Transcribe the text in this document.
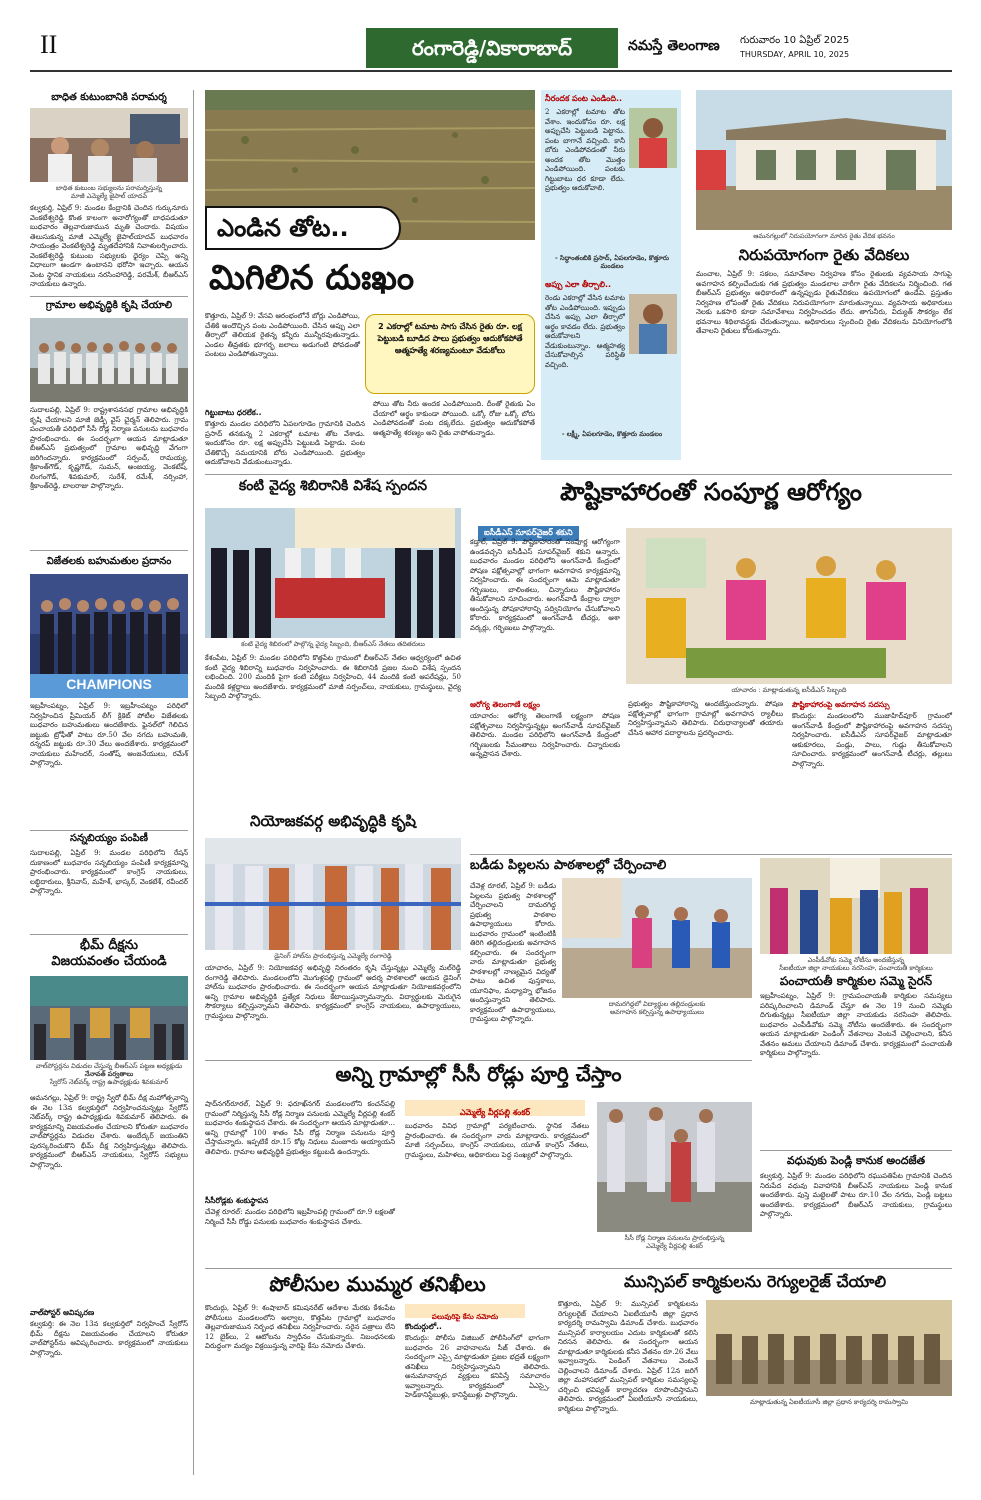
II	రంగారెడ్డి/వికారాబాద్	నమస్తే తెలంగాణ గురువారం 10 ఏప్రిల్ 2025
THURSDAY, APRIL 10, 2025
బాధిత కుటుంబానికి పరామర్శ
బాధిత కుటుంబ సభ్యులను పరామర్శిస్తున్న
మాజీ ఎమ్మెల్యే జైపాల్ యాదవ్
కల్వకుర్తి, ఏప్రిల్ 9: మండల కేంద్రానికి చెందిన గుర్కునూరు వెంకటేశ్వరెడ్డి కొంత కాలంగా అనారోగ్యంతో బాధపడుతూ బుధవారం తెల్లవారుజామున మృతి చెందారు. విషయం తెలుసుకున్న మాజీ ఎమ్మెల్యే జైపాల్‌యాదవ్ బుధవారం సాయంత్రం వెంకటేశ్వరెడ్డి మృతదేహానికి నివాళులర్పించారు. వెంకటేశ్వరెడ్డి కుటుంబ సభ్యులకు ధైర్యం చెప్పి అన్ని విధాలుగా అండగా ఉంటానని భరోసా ఇచ్చారు. ఆయన వెంట స్థానిక నాయకులు నరసింహారెడ్డి, పరమేశ్, బీఆర్‌ఎస్ నాయకులు ఉన్నారు.
గ్రామాల అభివృద్ధికి కృషి చేయాలి
సుదాలపల్లి, ఏప్రిల్ 9: రాష్ట్రశాసనసభ గ్రామాల అభివృద్ధికి కృషి చేయాలని మాజీ జెడ్పీ వైస్ చైర్మన్ తెలిపారు. గ్రామ పంచాయతీ పరిధిలో సీసీ రోడ్ల నిర్మాణ పనులను బుధవారం ప్రారంభించారు. ఈ సందర్భంగా ఆయన మాట్లాడుతూ బీఆర్‌ఎస్ ప్రభుత్వంలో గ్రామాల అభివృద్ధి వేగంగా జరిగిందన్నారు. కార్యక్రమంలో సర్పంచ్, రామయ్య, శ్రీకాంత్‌గౌడ్, కృష్ణగౌడ్, సుమన్, అంజయ్య, వెంకటేష్, లింగంగౌడ్, శివకుమార్, సురేశ్, రమేశ్, నర్సింహా, శ్రీకాంత్‌రెడ్డి, బాలరాజు పాల్గొన్నారు.
విజేతలకు బహుమతుల ప్రదానం
CHAMPIONS
ఇబ్రహీంపట్నం, ఏప్రిల్ 9: ఇబ్రహీంపట్నం పరిధిలో నిర్వహించిన ప్రీమియర్ లీగ్ క్రికెట్ పోటీల విజేతలకు బుధవారం బహుమతులు అందజేశారు. ఫైనల్‌లో గెలిచిన జట్టుకు ట్రోఫీతో పాటు రూ.50 వేల నగదు బహుమతి, రన్నరప్ జట్టుకు రూ.30 వేలు అందజేశారు. కార్యక్రమంలో నాయకులు మహేందర్, సంతోష్, ఆంజనేయులు, రమేశ్ పాల్గొన్నారు.
సన్నబియ్యం పంపిణీ
సుదాలపల్లి, ఏప్రిల్ 9: మండల పరిధిలోని రేషన్ దుకాణంలో బుధవారం సన్నబియ్యం పంపిణీ కార్యక్రమాన్ని ప్రారంభించారు. కార్యక్రమంలో కాంగ్రెస్ నాయకులు, లబ్ధిదారులు, శ్రీనివాస్, మహేశ్, భాస్కర్, వెంకటేశ్, రవీందర్ పాల్గొన్నారు.
భీమ్ దీక్షను
విజయవంతం చేయండి
వాల్‌పోస్టర్లను విడుదల చేస్తున్న బీఆర్‌ఎస్ పట్టణ అధ్యక్షుడు
నేనావత్ పర్వతాలు
స్వేరోస్ నెట్‌వర్క్ రాష్ట్ర ఉపాధ్యక్షుడు శివకుమార్
ఆమనగల్లు, ఏప్రిల్ 9: రాష్ట్ర స్వేరో భీమ్ దీక్ష మహోత్సవాన్ని ఈ నెల 13న కల్వకుర్తిలో నిర్వహించనున్నట్లు స్వేరోస్ నెట్‌వర్క్ రాష్ట్ర ఉపాధ్యక్షుడు శివకుమార్ తెలిపారు. ఈ కార్యక్రమాన్ని విజయవంతం చేయాలని కోరుతూ బుధవారం వాల్‌పోస్టర్లను విడుదల చేశారు. అంబేద్కర్ జయంతిని పురస్కరించుకొని భీమ్ దీక్ష నిర్వహిస్తున్నట్లు తెలిపారు. కార్యక్రమంలో బీఆర్‌ఎస్ నాయకులు, స్వేరోస్ సభ్యులు పాల్గొన్నారు.
వాల్‌పోస్టర్ ఆవిష్కరణ
కల్వకుర్తి: ఈ నెల 13న కల్వకుర్తిలో నిర్వహించే స్వేరోస్ భీమ్ దీక్షను విజయవంతం చేయాలని కోరుతూ వాల్‌పోస్టర్‌ను ఆవిష్కరించారు. కార్యక్రమంలో నాయకులు పాల్గొన్నారు.
ఎండిన తోట..
మిగిలిన దుఃఖం
కొత్తూరు, ఏప్రిల్ 9: వేసవి ఆరంభంలోనే బోర్లు ఎండిపోయి, చేతికి అందొచ్చిన పంట ఎండిపోయింది. చేసిన అప్పు ఎలా తీర్చాలో తెలియక రైతన్న కన్నీరు మున్నీరవుతున్నాడు. ఎండల తీవ్రతకు భూగర్భ జలాలు అడుగంటి పోవడంతో పంటలు ఎండిపోతున్నాయి.
2 ఎకరాల్లో టమాట సాగు చేసిన రైతు రూ. లక్ష పెట్టుబడి బూడిద పాలు ప్రభుత్వం ఆదుకోకపోతే ఆత్మహత్యే శరణ్యమంటూ వేడుకోలు
గిట్టుబాటు ధరలేక..
కొత్తూరు మండల పరిధిలోని ఏపలగూడెం గ్రామానికి చెందిన ప్రసాద్ తనకున్న 2 ఎకరాల్లో టమాట తోట వేశాడు. ఇందుకోసం రూ. లక్ష అప్పుచేసి పెట్టుబడి పెట్టాడు. పంట చేతికొచ్చే సమయానికి బోరు ఎండిపోయింది. ప్రభుత్వం ఆదుకోవాలని వేడుకుంటున్నాడు.
పోయి తోట నీరు అందక ఎండిపోయింది. దీంతో రైతుకు ఏం చేయాలో అర్థం కాకుండా పోయింది. ఒక్కో రోజు ఒక్కో బోరు ఎండిపోవడంతో పంట దక్కలేదు. ప్రభుత్వం ఆదుకోకపోతే ఆత్మహత్యే శరణ్యం అని రైతు వాపోతున్నాడు.
నీరందక పంట ఎండింది..
2 ఎకరాల్లో టమాట తోట వేశాం. ఇందుకోసం రూ. లక్ష అప్పుచేసి పెట్టుబడి పెట్టాను. పంట బాగానే వచ్చింది. కానీ బోరు ఎండిపోవడంతో నీరు అందక తోట మొత్తం ఎండిపోయింది. పంటకు గిట్టుబాటు ధర కూడా లేదు. ప్రభుత్వం ఆదుకోవాలి.
- సిద్ధాంతంబికి ప్రసాద్, ఏపలగూడెం, కొత్తూరు మండలం
అప్పు ఎలా తీర్చాలి..
రెండు ఎకరాల్లో వేసిన టమాట తోట ఎండిపోయింది. ఇప్పుడు చేసిన అప్పు ఎలా తీర్చాలో అర్థం కావడం లేదు. ప్రభుత్వం ఆదుకోవాలని వేడుకుంటున్నాం. ఆత్మహత్య చేసుకోవాల్సిన పరిస్థితి వచ్చింది.
- లక్ష్మీ, ఏపలగూడెం, కొత్తూరు మండలం
ఆమనగల్లులో నిరుపయోగంగా మారిన రైతు వేదిక భవనం
నిరుపయోగంగా రైతు వేదికలు
మంచాల, ఏప్రిల్ 9: సకలం, సమావేశాల నిర్వహణ కోసం రైతులకు వ్యవసాయ సాగుపై అవగాహన కల్పించేందుకు గత ప్రభుత్వం మండలాల వారీగా రైతు వేదికలను నిర్మించింది. గత బీఆర్‌ఎస్ ప్రభుత్వం అధికారంలో ఉన్నప్పుడు రైతువేదికలు ఉపయోగంలో ఉండేవి. ప్రస్తుతం నిర్వహణ లోపంతో రైతు వేదికలు నిరుపయోగంగా మారుతున్నాయి. వ్యవసాయ అధికారులు నెలకు ఒకసారి కూడా సమావేశాలు నిర్వహించడం లేదు. తాగునీరు, విద్యుత్ సౌకర్యం లేక భవనాలు శిథిలావస్థకు చేరుతున్నాయి. అధికారులు స్పందించి రైతు వేదికలను వినియోగంలోకి తేవాలని రైతులు కోరుతున్నారు.
కంటి వైద్య శిబిరానికి విశేష స్పందన
కంటి వైద్య శిబిరంలో పాల్గొన్న వైద్య సిబ్బంది, బీఆర్‌ఎస్ నేతలు తదితరులు
కేశంపేట, ఏప్రిల్ 9: మండల పరిధిలోని కొత్తపేట గ్రామంలో బీఆర్‌ఎస్ నేతల ఆధ్వర్యంలో ఉచిత కంటి వైద్య శిబిరాన్ని బుధవారం నిర్వహించారు. ఈ శిబిరానికి ప్రజల నుంచి విశేష స్పందన లభించింది. 200 మందికి పైగా కంటి పరీక్షలు నిర్వహించి, 44 మందికి కంటి ఆపరేషన్లు, 50 మందికి కళ్లద్దాలు అందజేశారు. కార్యక్రమంలో మాజీ సర్పంచ్‌లు, నాయకులు, గ్రామస్థులు, వైద్య సిబ్బంది పాల్గొన్నారు.
పౌష్టికాహారంతో సంపూర్ణ ఆరోగ్యం
ఐసీడీఎస్ సూపర్‌వైజర్ శకుని
కడ్తాల్, ఏప్రిల్ 9: పౌష్టికాహారంతో సంపూర్ణ ఆరోగ్యంగా ఉండవచ్చని ఐసీడీఎస్ సూపర్‌వైజర్ శకుని అన్నారు. బుధవారం మండల పరిధిలోని అంగన్‌వాడీ కేంద్రంలో పోషణ పక్షోత్సవాల్లో భాగంగా అవగాహన కార్యక్రమాన్ని నిర్వహించారు. ఈ సందర్భంగా ఆమె మాట్లాడుతూ గర్భిణులు, బాలింతలు, చిన్నారులు పౌష్టికాహారం తీసుకోవాలని సూచించారు. అంగన్‌వాడీ కేంద్రాల ద్వారా అందిస్తున్న పోషకాహారాన్ని సద్వినియోగం చేసుకోవాలని కోరారు. కార్యక్రమంలో అంగన్‌వాడీ టీచర్లు, ఆశా వర్కర్లు, గర్భిణులు పాల్గొన్నారు.
యాచారం : మాట్లాడుతున్న ఐసీడీఎస్ సిబ్బంది
ఆరోగ్య తెలంగాణే లక్ష్యం
యాచారం: ఆరోగ్య తెలంగాణే లక్ష్యంగా పోషణ పక్షోత్సవాలు నిర్వహిస్తున్నట్లు అంగన్‌వాడీ సూపర్‌వైజర్ తెలిపారు. మండల పరిధిలోని అంగన్‌వాడీ కేంద్రంలో గర్భిణులకు సీమంతాలు నిర్వహించారు. చిన్నారులకు అన్నప్రాసన చేశారు.
ప్రభుత్వం పౌష్టికాహారాన్ని అందజేస్తుందన్నారు. పోషణ పక్షోత్సవాల్లో భాగంగా గ్రామాల్లో అవగాహన ర్యాలీలు నిర్వహిస్తున్నామని తెలిపారు. చిరుధాన్యాలతో తయారు చేసిన ఆహార పదార్థాలను ప్రదర్శించారు.
పౌష్టికాహారంపై అవగాహన సదస్సు
కొందుర్గు: మండలంలోని ముజాహిద్‌పూర్ గ్రామంలో అంగన్‌వాడీ కేంద్రంలో పౌష్టికాహారంపై అవగాహన సదస్సు నిర్వహించారు. ఐసీడీఎస్ సూపర్‌వైజర్ మాట్లాడుతూ ఆకుకూరలు, పండ్లు, పాలు, గుడ్లు తీసుకోవాలని సూచించారు. కార్యక్రమంలో అంగన్‌వాడీ టీచర్లు, తల్లులు పాల్గొన్నారు.
నియోజకవర్గ అభివృద్ధికి కృషి
డైనింగ్ హాల్‌ను ప్రారంభిస్తున్న ఎమ్మెల్యే రంగారెడ్డి
యాచారం, ఏప్రిల్ 9: నియోజకవర్గ అభివృద్ధి నిరంతరం కృషి చేస్తున్నట్లు ఎమ్మెల్యే మల్‌రెడ్డి రంగారెడ్డి తెలిపారు. మండలంలోని మొగుళ్లపల్లి గ్రామంలో ఆదర్శ పాఠశాలలో ఆయన డైనింగ్ హాల్‌ను బుధవారం ప్రారంభించారు. ఈ సందర్భంగా ఆయన మాట్లాడుతూ నియోజకవర్గంలోని అన్ని గ్రామాల అభివృద్ధికి ప్రత్యేక నిధులు కేటాయిస్తున్నామన్నారు. విద్యార్థులకు మెరుగైన సౌకర్యాలు కల్పిస్తున్నామని తెలిపారు. కార్యక్రమంలో కాంగ్రెస్ నాయకులు, ఉపాధ్యాయులు, గ్రామస్థులు పాల్గొన్నారు.
బడీడు పిల్లలను పాఠశాలల్లో చేర్పించాలి
చేవెళ్ల రూరల్, ఏప్రిల్ 9: బడీడు పిల్లలను ప్రభుత్వ పాఠశాలల్లో చేర్పించాలని దామరగిద్ద ప్రభుత్వ పాఠశాల ఉపాధ్యాయులు కోరారు. బుధవారం గ్రామంలో ఇంటింటికీ తిరిగి తల్లిదండ్రులకు అవగాహన కల్పించారు. ఈ సందర్భంగా వారు మాట్లాడుతూ ప్రభుత్వ పాఠశాలల్లో నాణ్యమైన విద్యతో పాటు ఉచిత పుస్తకాలు, యూనిఫాం, మధ్యాహ్న భోజనం అందిస్తున్నారని తెలిపారు. కార్యక్రమంలో ఉపాధ్యాయులు, గ్రామస్థులు పాల్గొన్నారు.
దామరగిద్దలో విద్యార్థుల తల్లిదండ్రులకు
అవగాహన కల్పిస్తున్న ఉపాధ్యాయులు
ఎంపీడీవోకు సమ్మె నోటీసు అందజేస్తున్న
సీఐటీయూ జిల్లా నాయకులు నరసింహ, పంచాయతీ కార్మికులు
పంచాయతీ కార్మికుల సమ్మె సైరన్
ఇబ్రహీంపట్నం, ఏప్రిల్ 9: గ్రామపంచాయతీ కార్మికుల సమస్యలు పరిష్కరించాలని డిమాండ్ చేస్తూ ఈ నెల 19 నుంచి సమ్మెకు దిగుతున్నట్లు సీఐటీయూ జిల్లా నాయకుడు నరసింహ తెలిపారు. బుధవారం ఎంపీడీవోకు సమ్మె నోటీసు అందజేశారు. ఈ సందర్భంగా ఆయన మాట్లాడుతూ పెండింగ్ వేతనాలు వెంటనే చెల్లించాలని, కనీస వేతనం అమలు చేయాలని డిమాండ్ చేశారు. కార్యక్రమంలో పంచాయతీ కార్మికులు పాల్గొన్నారు.
వధువుకు పెండ్లి కానుక అందజేత
కల్వకుర్తి, ఏప్రిల్ 9: మండల పరిధిలోని రఘుపతిపేట గ్రామానికి చెందిన నిరుపేద వధువు వివాహానికి బీఆర్‌ఎస్ నాయకులు పెండ్లి కానుక అందజేశారు. పుస్తె మట్టెలతో పాటు రూ.10 వేల నగదు, పెండ్లి బట్టలు అందజేశారు. కార్యక్రమంలో బీఆర్‌ఎస్ నాయకులు, గ్రామస్థులు పాల్గొన్నారు.
అన్ని గ్రామాల్లో సీసీ రోడ్లు పూర్తి చేస్తాం
ఎమ్మెల్యే వీర్లపల్లి శంకర్
షాద్‌నగర్‌రూరల్, ఏప్రిల్ 9: ఫరూఖ్‌నగర్ మండలంలోని కంచన్‌పల్లి గ్రామంలో నిర్మిస్తున్న సీసీ రోడ్ల నిర్మాణ పనులకు ఎమ్మెల్యే వీర్లపల్లి శంకర్ బుధవారం శంకుస్థాపన చేశారు. ఈ సందర్భంగా ఆయన మాట్లాడుతూ... అన్ని గ్రామాల్లో 100 శాతం సీసీ రోడ్ల నిర్మాణ పనులను పూర్తి చేస్తామన్నారు. ఇప్పటికే రూ.15 కోట్ల నిధులు మంజూరు అయ్యాయని తెలిపారు. గ్రామాల అభివృద్ధికి ప్రభుత్వం కట్టుబడి ఉందన్నారు.
సీసీరోడ్లకు శంకుస్థాపన
చేవెళ్ల రూరల్: మండల పరిధిలోని ఇబ్రహీంపల్లి గ్రామంలో రూ.9 లక్షలతో నిర్మించే సీసీ రోడ్డు పనులకు బుధవారం శంకుస్థాపన చేశారు.
బుధవారం వివిధ గ్రామాల్లో పర్యటించారు. స్థానిక నేతలు ప్రారంభించారు. ఈ సందర్భంగా వారు మాట్లాడారు. కార్యక్రమంలో మాజీ సర్పంచ్‌లు, కాంగ్రెస్ నాయకులు, యూత్ కాంగ్రెస్ నేతలు, గ్రామస్థులు, మహిళలు, అధికారులు పెద్ద సంఖ్యలో పాల్గొన్నారు.
సీసీ రోడ్ల నిర్మాణ పనులను ప్రారంభిస్తున్న
ఎమ్మెల్యే వీర్లపల్లి శంకర్
పోలీసుల ముమ్మర తనిఖీలు
పలువురిపై కేసు నమోదు
కొందుర్గు, ఏప్రిల్ 9: శంషాబాద్ కమిషనరేట్ ఆదేశాల మేరకు కేశంపేట పోలీసులు మండలంలోని అల్వాల, కొత్తపేట గ్రామాల్లో బుధవారం తెల్లవారుజామున నిర్బంధ తనిఖీలు నిర్వహించారు. సరైన పత్రాలు లేని 12 బైక్‌లు, 2 ఆటోలను స్వాధీనం చేసుకున్నారు. నిబంధనలకు విరుద్ధంగా మద్యం విక్రయిస్తున్న వారిపై కేసు నమోదు చేశారు.
కొందుర్గులో..
కొందుర్గు: పోలీసు విజిబుల్ పోలీసింగ్‌లో భాగంగా బుధవారం 26 వాహనాలను సీజ్ చేశారు. ఈ సందర్భంగా ఎస్సై మాట్లాడుతూ ప్రజల భద్రతే లక్ష్యంగా తనిఖీలు నిర్వహిస్తున్నామని తెలిపారు. అనుమానాస్పద వ్యక్తులు కనిపిస్తే సమాచారం ఇవ్వాలన్నారు. కార్యక్రమంలో ఏఎస్సై, హెడ్‌కానిస్టేబుళ్లు, కానిస్టేబుళ్లు పాల్గొన్నారు.
మున్సిపల్ కార్మికులను రెగ్యులరైజ్ చేయాలి
కొత్తూరు, ఏప్రిల్ 9: మున్సిపల్ కార్మికులను రెగ్యులరైజ్ చేయాలని ఏఐటీయూసీ జిల్లా ప్రధాన కార్యదర్శి రామస్వామి డిమాండ్ చేశారు. బుధవారం మున్సిపల్ కార్యాలయం ఎదుట కార్మికులతో కలిసి నిరసన తెలిపారు. ఈ సందర్భంగా ఆయన మాట్లాడుతూ కార్మికులకు కనీస వేతనం రూ.26 వేలు ఇవ్వాలన్నారు. పెండింగ్ వేతనాలు వెంటనే చెల్లించాలని డిమాండ్ చేశారు. ఏప్రిల్ 12న జరిగే జిల్లా మహాసభలో మున్సిపల్ కార్మికుల సమస్యలపై చర్చించి భవిష్యత్ కార్యాచరణ రూపొందిస్తామని తెలిపారు. కార్యక్రమంలో ఏఐటీయూసీ నాయకులు, కార్మికులు పాల్గొన్నారు.
మాట్లాడుతున్న ఏఐటీయూసీ జిల్లా ప్రధాన కార్యదర్శి రామస్వామి
